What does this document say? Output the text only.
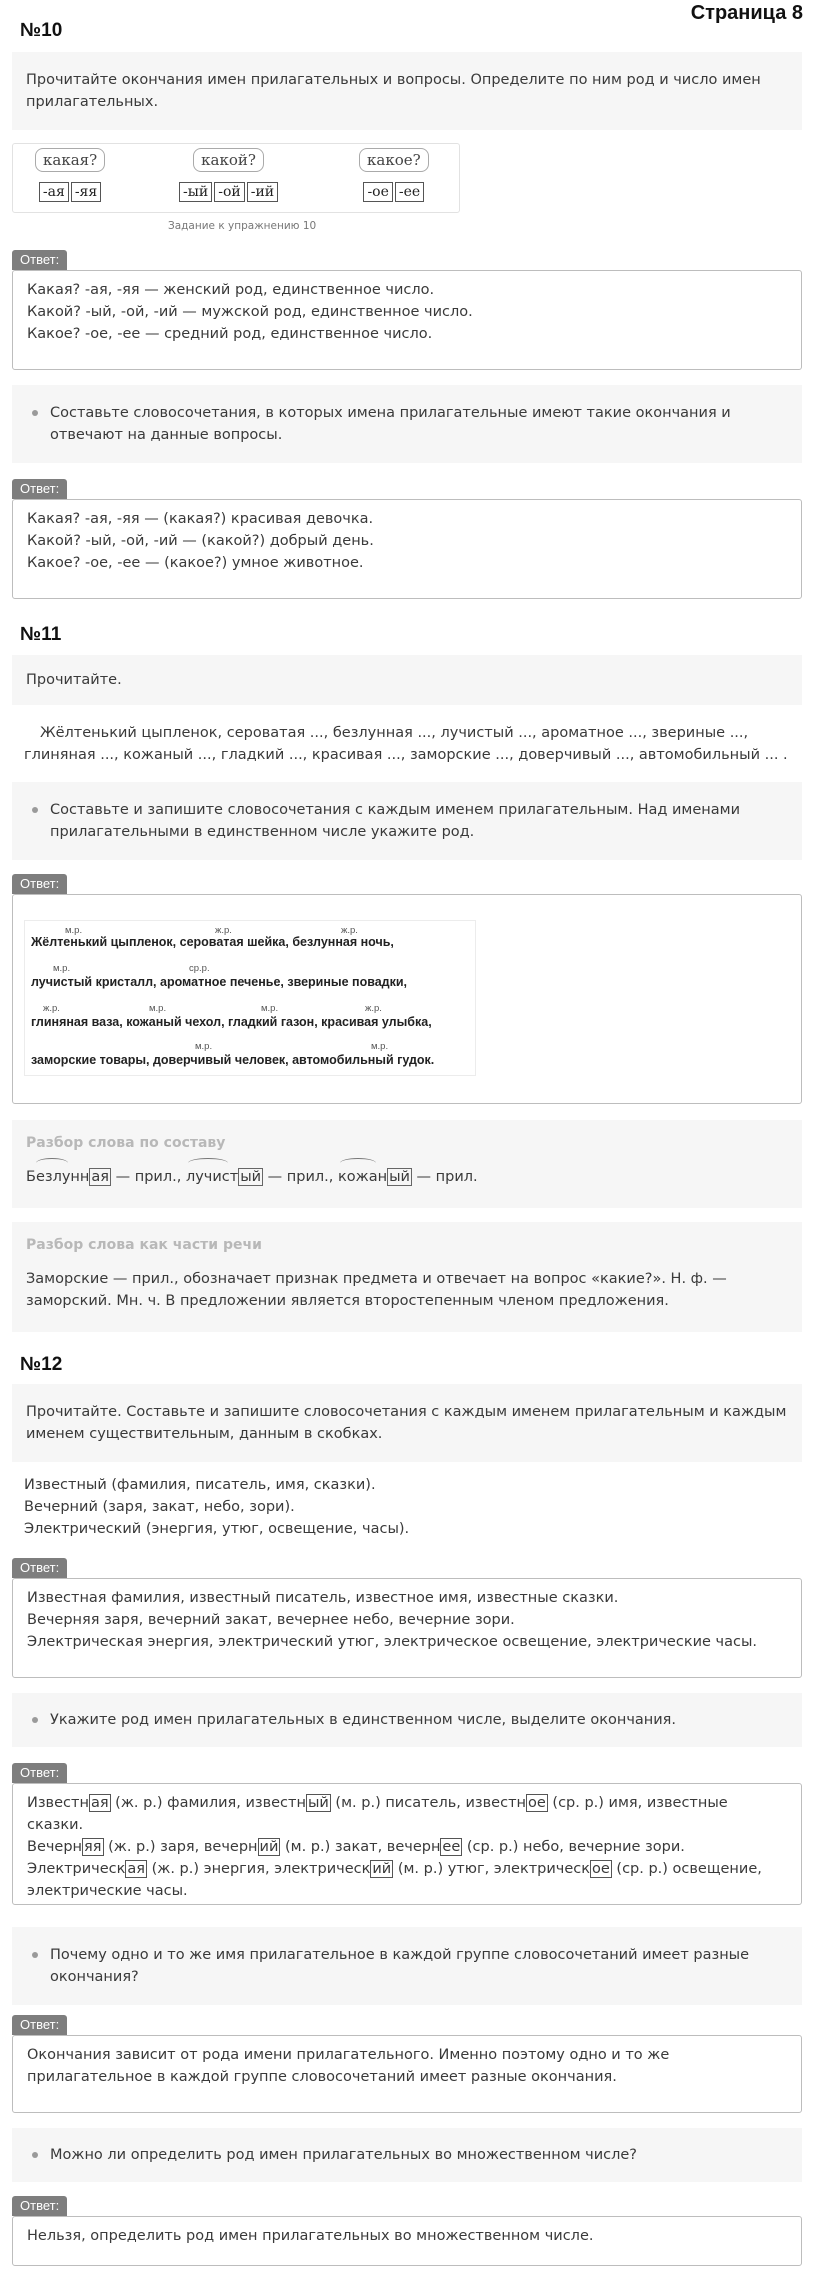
Страница 8
№10
Прочитайте окончания имен прилагательных и вопросы. Определите по ним род и число имен прилагательных.
какая?
-ая -яя
какой?
-ый -ой -ий
какое?
-ое -ее
Задание к упражнению 10
Ответ:
Какая? -ая, -яя — женский род, единственное число.
Какой? -ый, -ой, -ий — мужской род, единственное число.
Какое? -ое, -ее — средний род, единственное число.
Составьте словосочетания, в которых имена прилагательные имеют такие окончания и отвечают на данные вопросы.
Ответ:
Какая? -ая, -яя — (какая?) красивая девочка.
Какой? -ый, -ой, -ий — (какой?) добрый день.
Какое? -ое, -ее — (какое?) умное животное.
№11
Прочитайте.
Жёлтенький цыпленок, сероватая ..., безлунная ..., лучистый ..., ароматное ..., звериные ..., глиняная ..., кожаный ..., гладкий ..., красивая ..., заморские ..., доверчивый ..., автомобильный ... .
Составьте и запишите словосочетания с каждым именем прилагательным. Над именами прилагательными в единственном числе укажите род.
Ответ:
м.р.	ж.р.	ж.р.
Жёлтенький цыпленок, сероватая шейка, безлунная ночь,
м.р.	ср.р.
лучистый кристалл, ароматное печенье, звериные повадки,
ж.р.	м.р.	м.р.	ж.р.
глиняная ваза, кожаный чехол, гладкий газон, красивая улыбка,
м.р.	м.р.
заморские товары, доверчивый человек, автомобильный гудок.
Разбор слова по составу
Безлунн ая — прил.,
лучист ый — прил.,
кожан ый — прил.
Разбор слова как части речи
Заморские — прил., обозначает признак предмета и отвечает на вопрос «какие?». Н. ф. — заморский. Мн. ч. В предложении является второстепенным членом предложения.
№12
Прочитайте. Составьте и запишите словосочетания с каждым именем прилагательным и каждым именем существительным, данным в скобках.
Известный (фамилия, писатель, имя, сказки).
Вечерний (заря, закат, небо, зори).
Электрический (энергия, утюг, освещение, часы).
Ответ:
Известная фамилия, известный писатель, известное имя, известные сказки.
Вечерняя заря, вечерний закат, вечернее небо, вечерние зори.
Электрическая энергия, электрический утюг, электрическое освещение, электрические часы.
Укажите род имен прилагательных в единственном числе, выделите окончания.
Ответ:
Известн ая (ж. р.) фамилия, известн ый (м. р.) писатель, известн ое (ср. р.) имя, известные сказки.
Вечерн яя (ж. р.) заря, вечерн ий (м. р.) закат, вечерн ее (ср. р.) небо, вечерние зори.
Электрическ ая (ж. р.) энергия, электрическ ий (м. р.) утюг, электрическ ое (ср. р.) освещение, электрические часы.
Почему одно и то же имя прилагательное в каждой группе словосочетаний имеет разные окончания?
Ответ:
Окончания зависит от рода имени прилагательного. Именно поэтому одно и то же прилагательное в каждой группе словосочетаний имеет разные окончания.
Можно ли определить род имен прилагательных во множественном числе?
Ответ:
Нельзя, определить род имен прилагательных во множественном числе.
